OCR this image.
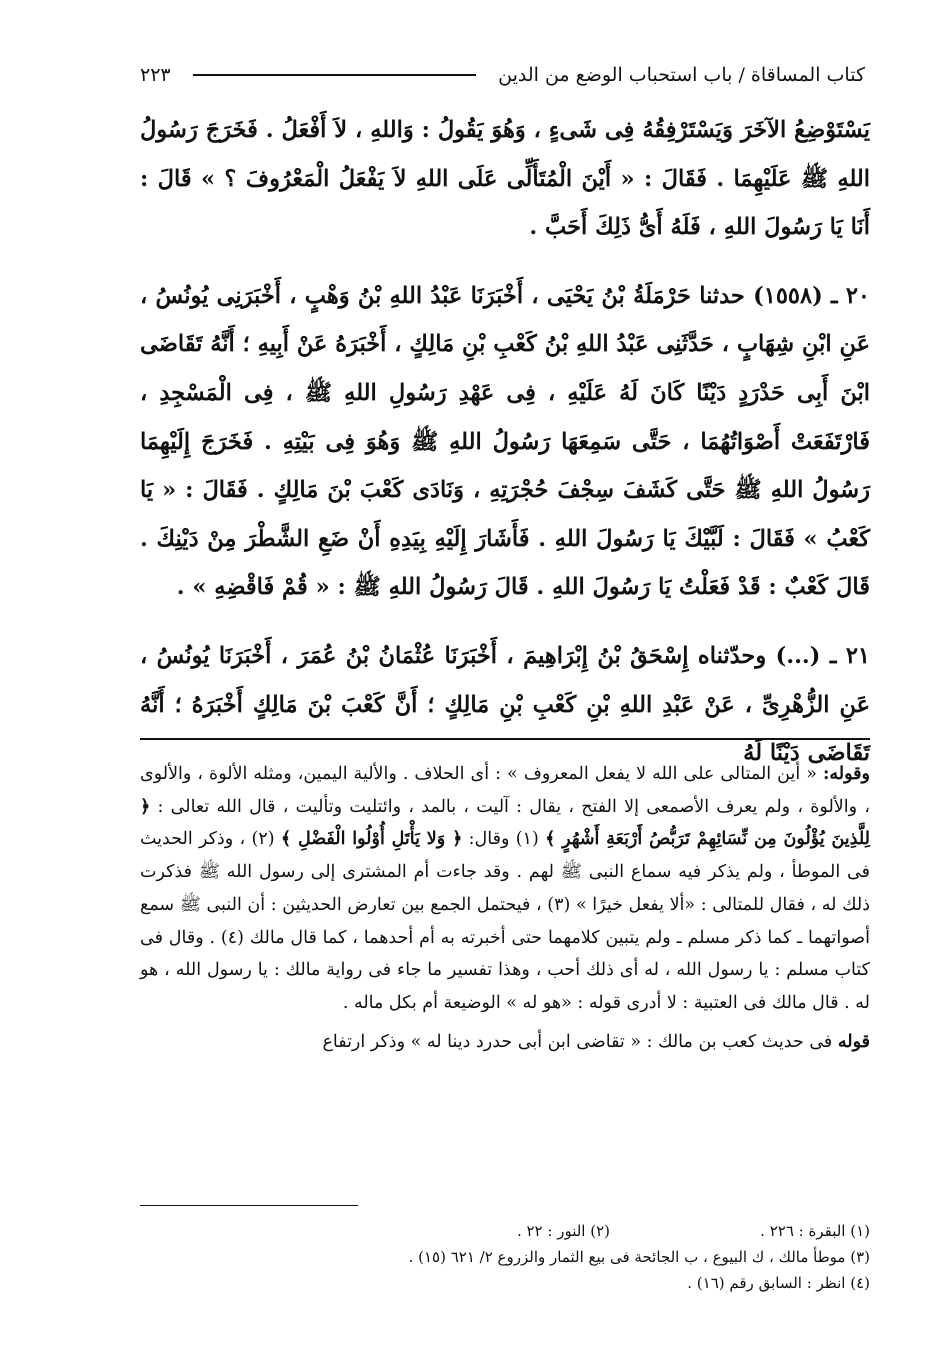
كتاب المساقاة / باب استحباب الوضع من الدين
٢٢٣

يَسْتَوْضِعُ الآخَرَ وَيَسْتَرْفِقُهُ فِى شَىءٍ ، وَهُوَ يَقُولُ : وَاللهِ ، لاَ أَفْعَلُ . فَخَرَجَ رَسُولُ اللهِ ﷺ عَلَيْهِمَا . فَقَالَ : « أَيْنَ الْمُتَأَلِّى عَلَى اللهِ لاَ يَفْعَلُ الْمَعْرُوفَ ؟ » قَالَ : أَنَا يَا رَسُولَ اللهِ ، فَلَهُ أَىُّ ذَلِكَ أَحَبَّ .

٢٠ ـ (١٥٥٨) حدثنا حَرْمَلَةُ بْنُ يَحْيَى ، أَخْبَرَنَا عَبْدُ اللهِ بْنُ وَهْبٍ ، أَخْبَرَنِى يُونُسُ ، عَنِ ابْنِ شِهَابٍ ، حَدَّثَنِى عَبْدُ اللهِ بْنُ كَعْبِ بْنِ مَالِكٍ ، أَخْبَرَهُ عَنْ أَبِيهِ ؛ أَنَّهُ تَقَاضَى ابْنَ أَبِى حَدْرَدٍ دَيْنًا كَانَ لَهُ عَلَيْهِ ، فِى عَهْدِ رَسُولِ اللهِ ﷺ ، فِى الْمَسْجِدِ ، فَارْتَفَعَتْ أَصْوَاتُهُمَا ، حَتَّى سَمِعَهَا رَسُولُ اللهِ ﷺ وَهُوَ فِى بَيْتِهِ . فَخَرَجَ إِلَيْهِمَا رَسُولُ اللهِ ﷺ حَتَّى كَشَفَ سِجْفَ حُجْرَتِهِ ، وَنَادَى كَعْبَ بْنَ مَالِكٍ . فَقَالَ : « يَا كَعْبُ » فَقَالَ : لَبَّيْكَ يَا رَسُولَ اللهِ . فَأَشَارَ إِلَيْهِ بِيَدِهِ أَنْ ضَعِ الشَّطْرَ مِنْ دَيْنِكَ . قَالَ كَعْبٌ : قَدْ فَعَلْتُ يَا رَسُولَ اللهِ . قَالَ رَسُولُ اللهِ ﷺ : « قُمْ فَاقْضِهِ » .

٢١ ـ (...) وحدّثناه إِسْحَقُ بْنُ إِبْرَاهِيمَ ، أَخْبَرَنَا عُثْمَانُ بْنُ عُمَرَ ، أَخْبَرَنَا يُونُسُ ، عَنِ الزُّهْرِىِّ ، عَنْ عَبْدِ اللهِ بْنِ كَعْبِ بْنِ مَالِكٍ ؛ أَنَّ كَعْبَ بْنَ مَالِكٍ أَخْبَرَهُ ؛ أَنَّهُ تَقَاضَى دَيْنًا لَهُ

وقوله: « أين المتالى على الله لا يفعل المعروف » : أى الحلاف . والألية اليمين، ومثله الألوة ، والألوى ، والألوة ، ولم يعرف الأصمعى إلا الفتح ، يقال : آليت ، بالمد ، وائتليت وتأليت ، قال الله تعالى : ﴿ لِلَّذِينَ يُؤْلُونَ مِن نِّسَائِهِمْ تَرَبُّصُ أَرْبَعَةِ أَشْهُرٍ ﴾ (١) وقال: ﴿ وَلا يَأْتَلِ أُوْلُوا الْفَضْلِ ﴾ (٢) ، وذكر الحديث فى الموطأ ، ولم يذكر فيه سماع النبى ﷺ لهم . وقد جاءت أم المشترى إلى رسول الله ﷺ فذكرت ذلك له ، فقال للمتالى : «ألا يفعل خيرًا » (٣) ، فيحتمل الجمع بين تعارض الحديثين : أن النبى ﷺ سمع أصواتهما ـ كما ذكر مسلم ـ ولم يتبين كلامهما حتى أخبرته به أم أحدهما ، كما قال مالك (٤) . وقال فى كتاب مسلم : يا رسول الله ، له أى ذلك أحب ، وهذا تفسير ما جاء فى رواية مالك : يا رسول الله ، هو له . قال مالك فى العتبية : لا أدرى قوله : «هو له » الوضيعة أم بكل ماله .

قوله فى حديث كعب بن مالك : « تقاضى ابن أبى حدرد دينا له » وذكر ارتفاع

(١) البقرة : ٢٢٦ .
(٢) النور : ٢٢ .
(٣) موطأ مالك ، ك البيوع ، ب الجائحة فى بيع الثمار والزروع ٢/ ٦٢١ (١٥) .
(٤) انظر : السابق رقم (١٦) .
